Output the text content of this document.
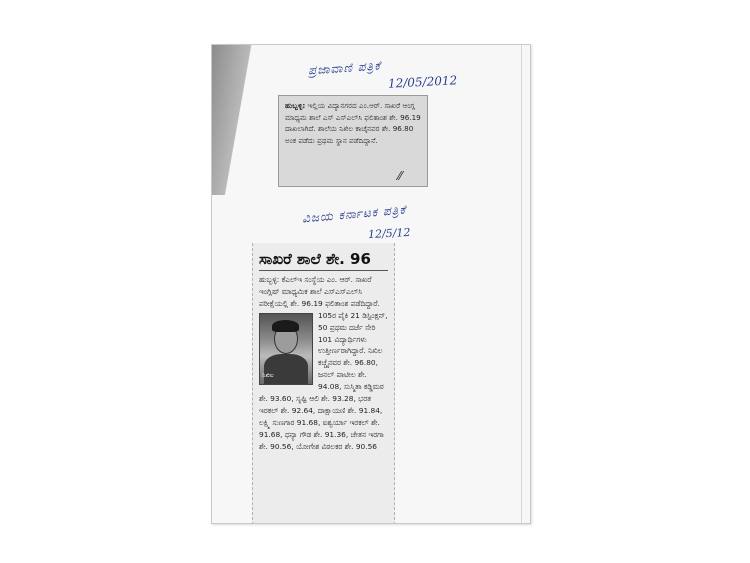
ಪ್ರಜಾವಾಣಿ ಪತ್ರಿಕೆ
12/05/2012
ಹುಬ್ಬಳ್ಳಿ: ಇಲ್ಲಿಯ ವಿದ್ಯಾನಗರದ ಎಂ.ಆರ್. ಸಾಖರೆ ಆಂಗ್ಲ ಮಾಧ್ಯಮ ಶಾಲೆ ಎಸ್ ಎಸ್‌ಎಲ್‌ಸಿ ಫಲಿತಾಂಶ ಶೇ. 96.19 ದಾಖಲಾಗಿದೆ. ಶಾಲೆಯ ನಿಖಿಲ ಕಾಚೈನವರ ಶೇ. 96.80 ಅಂಕ ಪಡೆದು ಪ್ರಥಮ ಸ್ಥಾನ ಪಡೆದಿದ್ದಾನೆ.
⁄⁄
ವಿಜಯ ಕರ್ನಾಟಕ ಪತ್ರಿಕೆ
12/5/12
ಸಾಖರೆ ಶಾಲೆ ಶೇ. 96
ಹುಬ್ಬಳ್ಳಿ: ಕೆಎಲ್‌ಇ ಸಂಸ್ಥೆಯ ಎಂ. ಆರ್. ಸಾಖರೆ ಇಂಗ್ಲಿಷ್ ಮಾಧ್ಯಮಿಕ ಶಾಲೆ ಎಸ್ಎಸ್ಎಲ್‌ಸಿ ಪರೀಕ್ಷೆಯಲ್ಲಿ ಶೇ. 96.19 ಫಲಿತಾಂಶ ಪಡೆದಿದ್ದಾರೆ.
ನಿಖಿಲ
105ರ ಪೈಕಿ 21 ಡಿಸ್ಟಿಂಕ್ಷನ್, 50 ಪ್ರಥಮ ದರ್ಜೆ ಸೇರಿ 101 ವಿದ್ಯಾರ್ಥಿಗಳು ಉತ್ತೀರ್ಣರಾಗಿದ್ದಾರೆ. ನಿಖಿಲ ಕಚ್ಚೈನವರ ಶೇ. 96.80, ಜನಲ್ ಪಾಟೀಲ ಶೇ. 94.08, ಸುಸ್ಮಿತಾ ಕಡ್ಡಿಮಠ ಶೇ. 93.60, ಸೃಷ್ಟಿ ಆಲಿ ಶೇ. 93.28, ಭರತ ಇರಕಲ್ ಶೇ. 92.64, ದಾಕ್ಷಾಯಣಿ ಶೇ. 91.84, ಲಕ್ಷ್ಮಿ ಸುಣಗಾರ 91.68, ಐಶ್ವರ್ಯಾ ಇರಕಲ್ ಶೇ. 91.68, ಧನ್ಯಾ ಗೌಡ ಶೇ. 91.36, ಚೇತನ ಇರಗಾ ಶೇ. 90.56, ಯೋಗೇಶ ವಿಠಲಕರ ಶೇ. 90.56
